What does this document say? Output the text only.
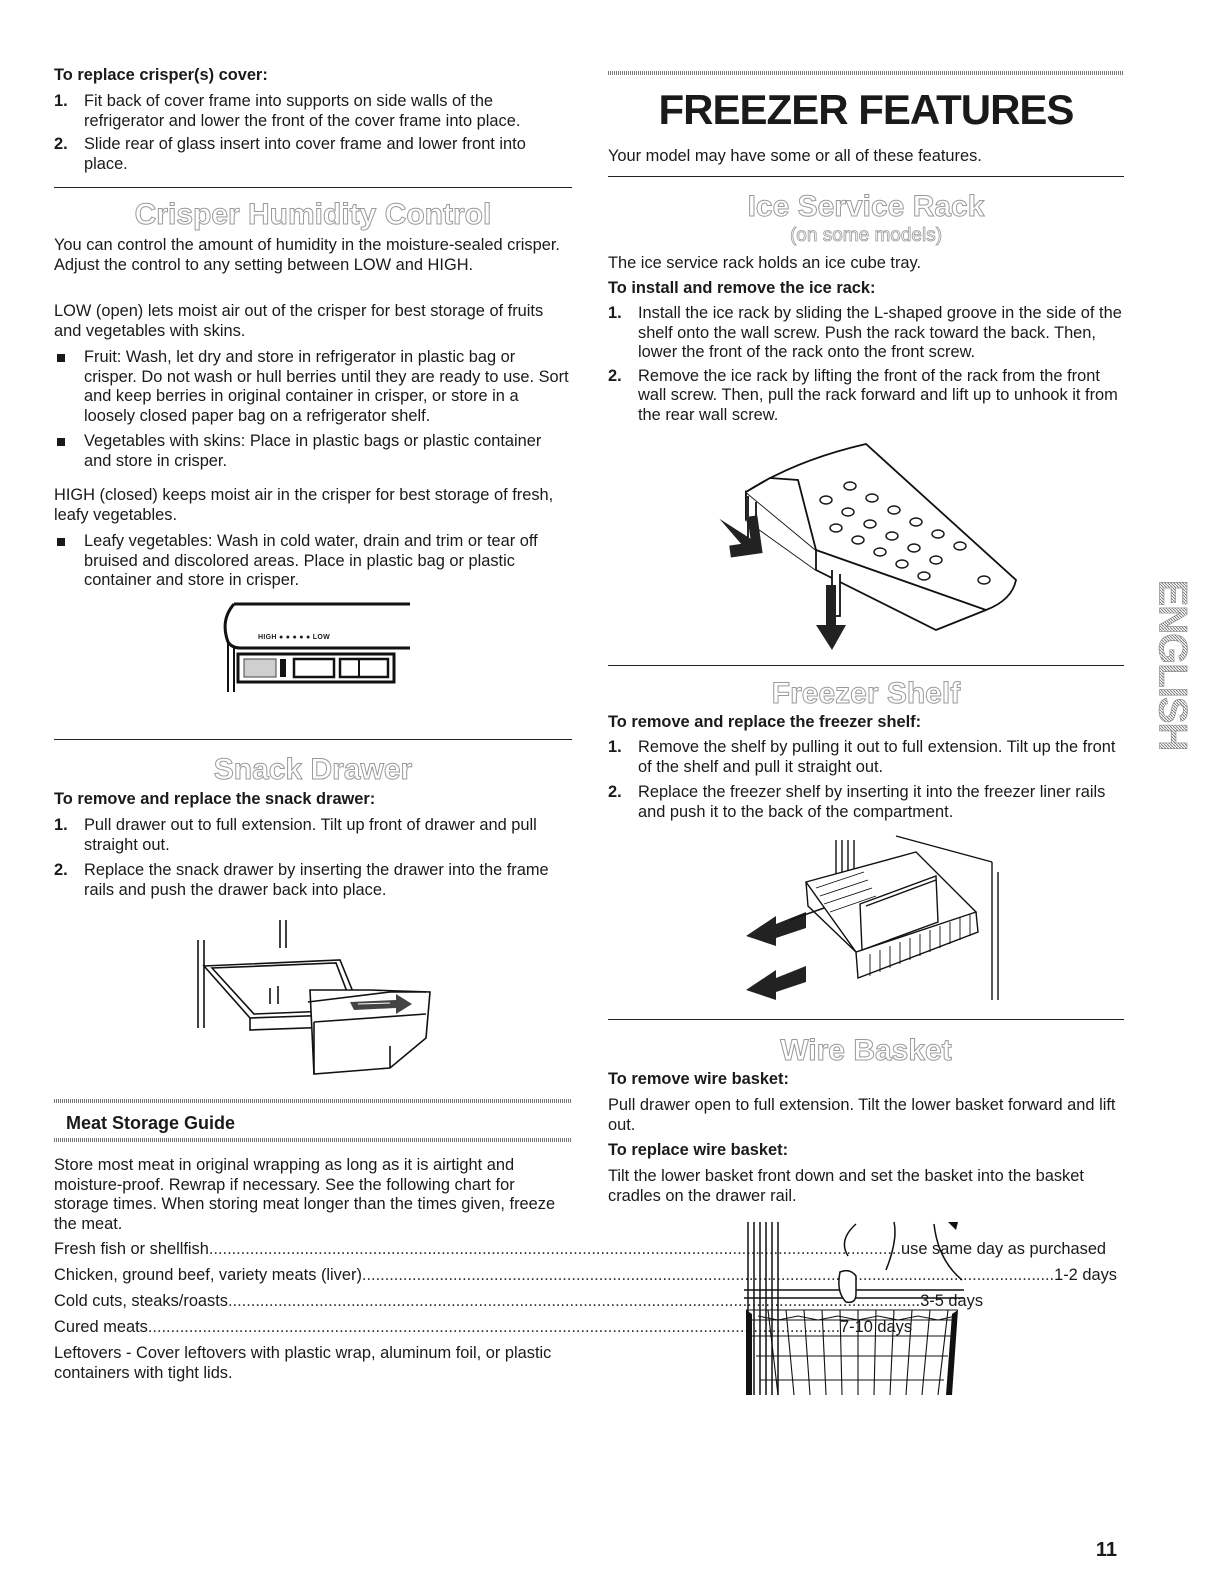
To replace crisper(s) cover:

1. Fit back of cover frame into supports on side walls of the refrigerator and lower the front of the cover frame into place.
2. Slide rear of glass insert into cover frame and lower front into place.
Crisper Humidity Control

You can control the amount of humidity in the moisture-sealed crisper. Adjust the control to any setting between LOW and HIGH.

LOW (open) lets moist air out of the crisper for best storage of fruits and vegetables with skins.

Fruit: Wash, let dry and store in refrigerator in plastic bag or crisper. Do not wash or hull berries until they are ready to use. Sort and keep berries in original container in crisper, or store in a loosely closed paper bag on a refrigerator shelf.
Vegetables with skins: Place in plastic bags or plastic container and store in crisper.

HIGH (closed) keeps moist air in the crisper for best storage of fresh, leafy vegetables.

Leafy vegetables: Wash in cold water, drain and trim or tear off bruised and discolored areas. Place in plastic bag or plastic container and store in crisper.
HIGH ● ● ● ● ● LOW
Snack Drawer

To remove and replace the snack drawer:

1. Pull drawer out to full extension. Tilt up front of drawer and pull straight out.
2. Replace the snack drawer by inserting the drawer into the frame rails and push the drawer back into place.
Meat Storage Guide

Store most meat in original wrapping as long as it is airtight and moisture-proof. Rewrap if necessary. See the following chart for storage times. When storing meat longer than the times given, freeze the meat.

Fresh fish or shellfish .....	use same day as purchased
Chicken, ground beef, variety meats (liver) .....	1-2 days
Cold cuts, steaks/roasts .....	3-5 days
Cured meats .....	7-10 days

Leftovers - Cover leftovers with plastic wrap, aluminum foil, or plastic containers with tight lids.

FREEZER FEATURES

Your model may have some or all of these features.

Ice Service Rack

(on some models)

The ice service rack holds an ice cube tray.

To install and remove the ice rack:

1. Install the ice rack by sliding the L-shaped groove in the side of the shelf onto the wall screw. Push the rack toward the back. Then, lower the front of the rack onto the front screw.
2. Remove the ice rack by lifting the front of the rack from the front wall screw. Then, pull the rack forward and lift up to unhook it from the rear wall screw.
Freezer Shelf

To remove and replace the freezer shelf:

1. Remove the shelf by pulling it out to full extension. Tilt up the front of the shelf and pull it straight out.
2. Replace the freezer shelf by inserting it into the freezer liner rails and push it to the back of the compartment.
Wire Basket

To remove wire basket:

Pull drawer open to full extension. Tilt the lower basket forward and lift out.

To replace wire basket:

Tilt the lower basket front down and set the basket into the basket cradles on the drawer rail.

ENGLISH
11
